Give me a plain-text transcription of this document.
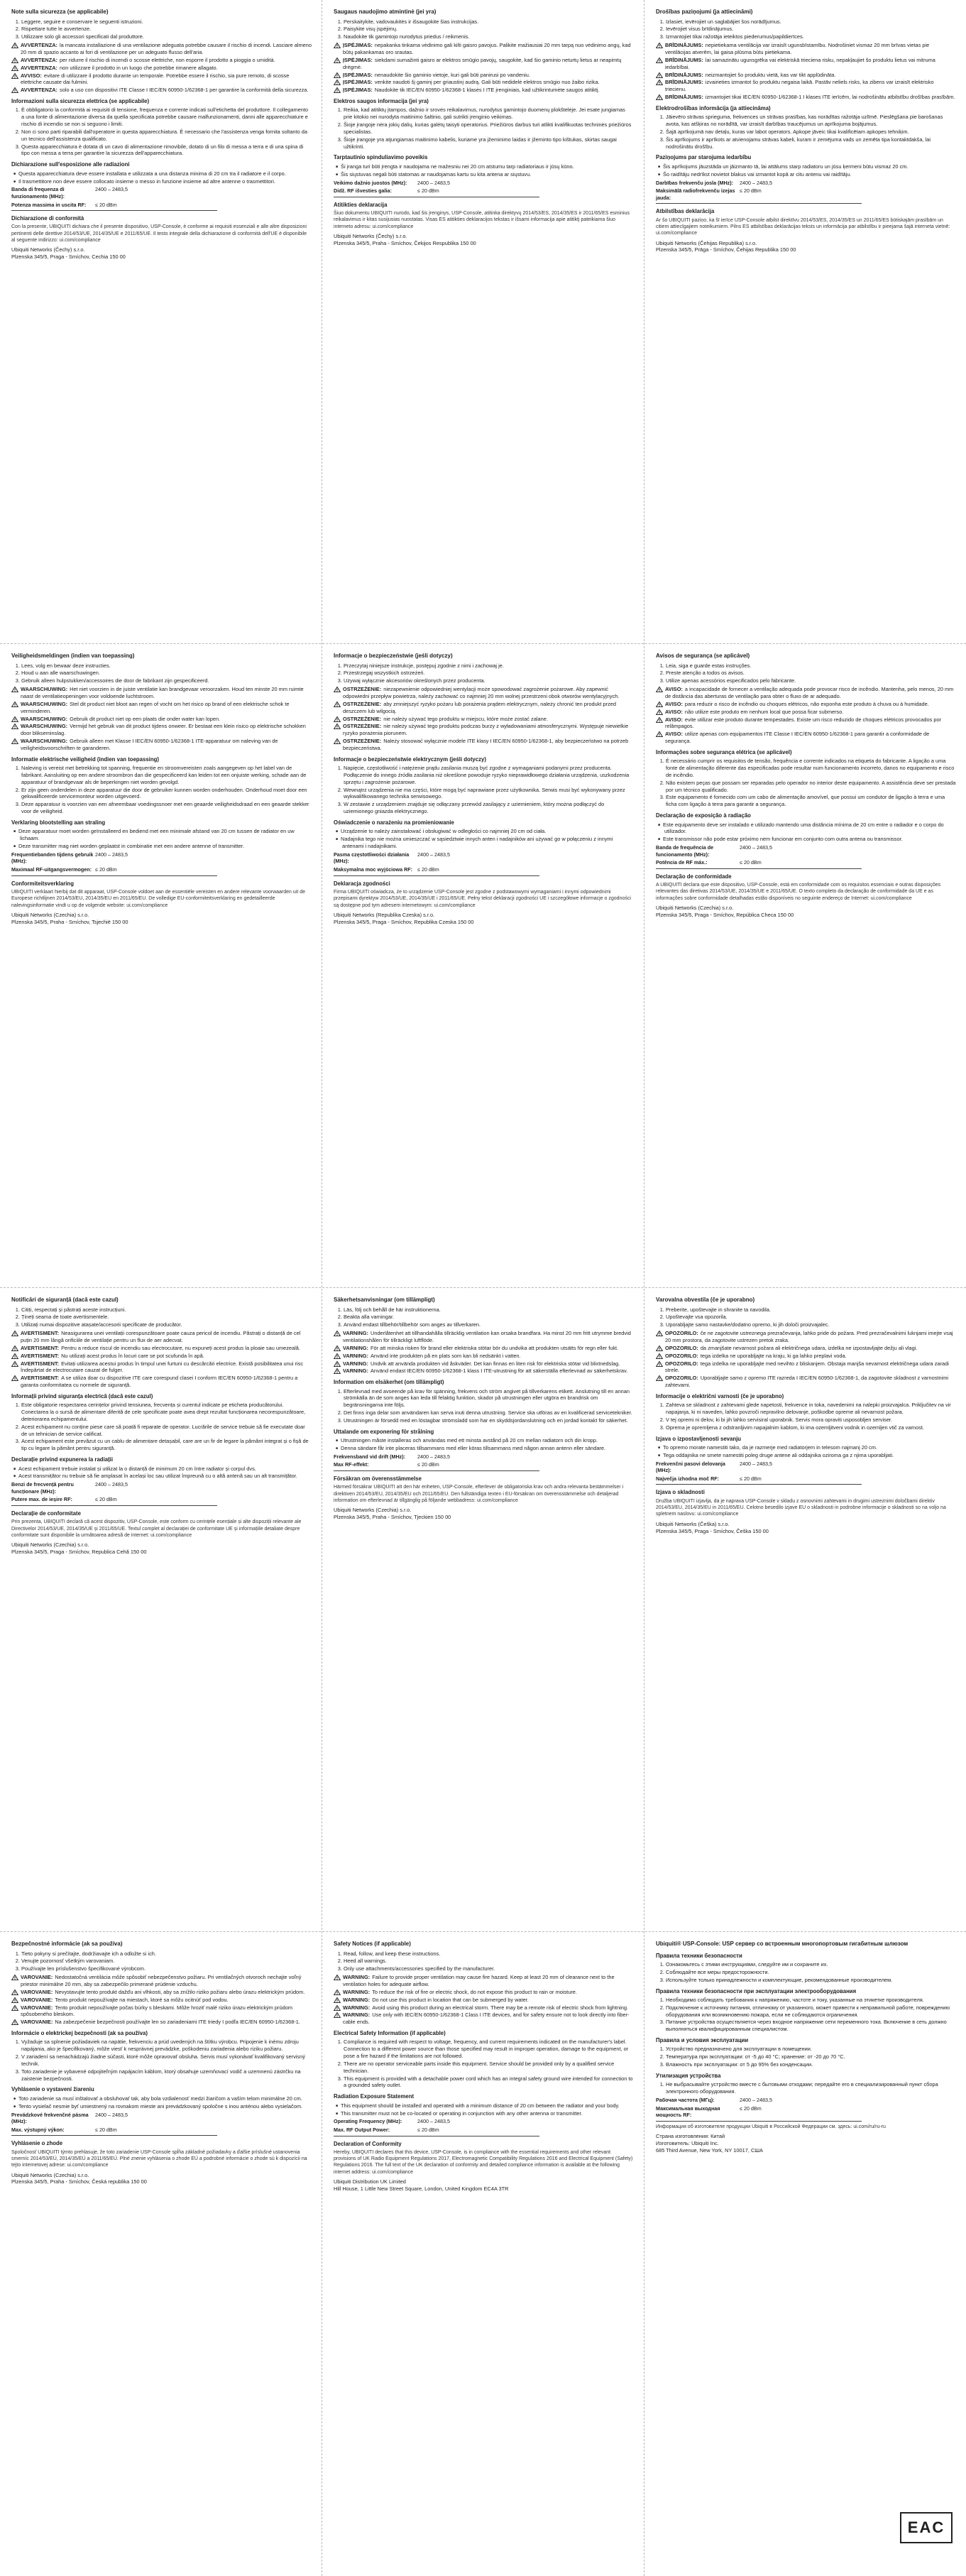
Note sulla sicurezza (se applicabile)
1. Leggere, seguire e conservare le seguenti istruzioni.
2. Rispettare tutte le avvertenze.
3. Utilizzare solo gli accessori specificati dal produttore.
AVVERTENZA: la mancata installazione di una ventilazione adeguata potrebbe causare il rischio di incendi. Lasciare almeno 20 mm di spazio accanto ai fori di ventilazione per un adeguato flusso dell'aria.
AVVERTENZA: per ridurre il rischio di incendi o scosse elettriche, non esporre il prodotto a pioggia o umidità.
AVVERTENZA: non utilizzare il prodotto in un luogo che potrebbe rimanere allagato.
AVVISO: evitare di utilizzare il prodotto durante un temporale. Potrebbe essere il rischio, sia pure remoto, di scosse elettriche causate dai fulmini.
AVVERTENZA: solo a uso con dispositivi ITE Classe I IEC/EN 60950-1/62368-1 per garantire la conformità della sicurezza.
Informazioni sulla sicurezza elettrica (se applicabile)
1. È obbligatorio la conformità ai requisiti di tensione, frequenza e corrente indicati sull'etichetta del produttore. Il collegamento a una fonte di alimentazione diversa da quella specificata potrebbe causare malfunzionamenti, danni alle apparecchiature e rischio di incendio se non si seguono i limiti.
2. Non ci sono parti riparabili dall'operatore in questa apparecchiatura. È necessario che l'assistenza venga fornita soltanto da un tecnico dell'assistenza qualificato.
3. Questa apparecchiatura è dotata di un cavo di alimentazione rimovibile, dotato di un filo di messa a terra e di una spina di tipo con messa a terra per garantire la sicurezza dell'apparecchiatura.
Dichiarazione sull'esposizione alle radiazioni
■ Questa apparecchiatura deve essere installata e utilizzata a una distanza minima di 20 cm tra il radiatore e il corpo.
■ Il trasmettitore non deve essere collocato insieme o messo in funzione insieme ad altre antenne o trasmettitori.
Banda di frequenza di funzionamento (MHz):
2400 – 2483,5
Potenza massima in uscita RF:	≤ 20 dBm
Dichiarazione di conformità
Con la presente, UBIQUITI dichiara che il presente dispositivo, USP-Console, è conforme ai requisiti essenziali e alle altre disposizioni pertinenti delle direttive 2014/53/UE, 2014/35/UE e 2011/65/UE. Il testo integrale della dichiarazione di conformità dell'UE è disponibile al seguente indirizzo: ui.com/compliance
Ubiquiti Networks (Čechy) s.r.o.
Plzenska 345/5, Praga - Smíchov, Cechia 150 00
Saugaus naudojimo atmintinė (jei yra)
1. Perskaitykite, vadovaukitės ir išsaugokite šias instrukcijas.
2. Paisykite visų įspėjimų.
3. Naudokite tik gamintojo nurodytus priedus / reikmenis.
ĮSPĖJIMAS: nepakanka tinkama vėdinimo gali kilti gaisro pavojus. Palikite mažiausiai 20 mm tarpą nuo vėdinimo angų, kad būtų pakankamas oro srautas.
ĮSPĖJIMAS: siekdami sumažinti gaisro ar elektros smūgio pavojų, saugokite, kad šio gaminio neturtų lietus ar neapimtų drėgmė.
ĮSPĖJIMAS: nenaudokite šio gaminio vietoje, kuri gali būti panirusi po vandeniu.
ĮSPĖJIMAS: venkite naudoti šį gaminį per griaustinį audrą. Gali būti nedidelė elektros smūgio nuo žaibo rizika.
ĮSPĖJIMAS: Naudokite tik IEC/EN 60950-1/62368-1 klasės I ITE įrenginiais, kad užtikrintumėte saugos atitiktį.
Elektros saugos informacija (jei yra)
1. Reikia, kad atitiktų įtampos, dažnio ir srovės reikalavimus, nurodytus gamintojo duomenų plokštelėje. Jei esate jungiamas prie kitokio nei nurodyta maitinimo šaltinio, gali sutrikti įrenginio veikimas.
2. Šioje įrangoje nėra jokių dalių, kurias galėtų taisyti operatorius. Priežiūros darbus turi atlikti kvalifikuotas techninės priežiūros specialistas.
3. Šioje įrangoje yra atjungiamas maitinimo kabelis, kuriame yra įžeminimo laidas ir įžeminto tipo kištukas, skirtas saugai užtikrinti.
Tarptautinio spinduliavimo poveikis
■ Ši įranga turi būti įrengta ir naudojama ne mažesniu nei 20 cm atstumu tarp radiatoriaus ir jūsų kūno.
■ Šis siųstuvas negali būti statomas ar naudojamas kartu su kita antena ar siųstuvu.
Veikimo dažnio juostos (MHz):	2400 – 2483,5
Didž. RF išvesties galia:	≤ 20 dBm
Atitikties deklaracija
Šiuo dokumentu UBIQUITI nurodo, kad šis įrenginys, USP-Console, atitinka direktyvų 2014/53/ES, 2014/35/ES ir 2011/65/ES esminius reikalavimus ir kitas susijusias nuostatas. Visas ES atitikties deklaracijos tekstas ir išsami informacija apie atitiktį pateikiama šiuo interneto adresu: ui.com/compliance
Ubiquiti Networks (Čechy) s.r.o.
Plzenska 345/5, Praha - Smíchov, Čekijos Respublika 150 00
Drošības paziņojumi (ja attiecināmi)
1. Izlasiet, ievērojiet un saglabājiet šos norādījumus.
2. Ievērojiet visus brīdinājumus.
3. Izmantojiet tikai ražotāja ieteiktos piederumus/papildierīces.
BRĪDINĀJUMS: nepietiekama ventilācija var izraisīt ugunsbīstamību. Nodrošiniet vismaz 20 mm brīvas vietas pie ventilācijas atverēm, lai gaisa plūsma būtu pietiekama.
BRĪDINĀJUMS: lai samazinātu ugunsgrēka vai elektriskā trieciena risku, nepakļaujiet šo produktu lietus vai mitruma iedarbībai.
BRĪDINĀJUMS: neizmantojiet šo produktu vietā, kas var tikt applūdināta.
BRĪDINĀJUMS: izvairieties izmantot šo produktu negaisa laikā. Pastāv neliels risks, ka zibens var izraisīt elektrisko triecienu.
BRĪDINĀJUMS: izmantojiet tikai IEC/EN 60950-1/62368-1 I klases ITE ierīcēm, lai nodrošinātu atbilstību drošības prasībām.
Elektrodrošības informācija (ja attiecināma)
1. Jāievēro strāvas sprieguma, frekvences un strāvas prasības, kas norādītas ražotāja uzlīmē. Pieslēgšana pie barošanas avota, kas atšķiras no norādītā, var izraisīt darbības traucējumus un aprīkojuma bojājumus.
2. Šajā aprīkojumā nav detaļu, kuras var labot operators. Apkope jāveic tikai kvalificētam apkopes tehniķim.
3. Šis aprīkojums ir aprīkots ar atvienojamu strāvas kabeli, kuram ir zemējuma vads un zemēta tipa kontaktdakša, lai nodrošinātu drošību.
Paziņojums par starojuma iedarbību
■ Šis aprīkojums jāuzstāda un jāizmanto tā, lai attālums starp radiatoru un jūsu ķermeni būtu vismaz 20 cm.
■ Šo raidītāju nedrīkst novietot blakus vai izmantot kopā ar citu antenu vai raidītāju.
Darbības frekvenču josla (MHz):	2400 – 2483,5
Maksimālā radiofrekvenču izejas jauda:
≤ 20 dBm
Atbilstības deklarācija
Ar šo UBIQUITI paziņo, ka šī ierīce USP-Console atbilst direktīvu 2014/53/ES, 2014/35/ES un 2011/65/ES būtiskajām prasībām un citiem attiecīgajiem noteikumiem. Pilns ES atbilstības deklarācijas teksts un informācija par atbilstību ir pieejama šajā interneta vietnē: ui.com/compliance
Ubiquiti Networks (Čehijas Republika) s.r.o.
Plzenska 345/5, Prāga - Smíchov, Čehijas Republika 150 00
Veiligheidsmeldingen (indien van toepassing)
1. Lees, volg en bewaar deze instructies.
2. Houd u aan alle waarschuwingen.
3. Gebruik alleen hulpstukken/accessoires die door de fabrikant zijn gespecificeerd.
WAARSCHUWING: Het niet voorzien in de juiste ventilatie kan brandgevaar veroorzaken. Houd ten minste 20 mm ruimte naast de ventilatieopeningen voor voldoende luchtstroom.
WAARSCHUWING: Stel dit product niet bloot aan regen of vocht om het risico op brand of een elektrische schok te verminderen.
WAARSCHUWING: Gebruik dit product niet op een plaats die onder water kan lopen.
WAARSCHUWING: Vermijd het gebruik van dit product tijdens onweer. Er bestaat een klein risico op elektrische schokken door blikseminslag.
WAARSCHUWING: Gebruik alleen met Klasse I IEC/EN 60950-1/62368-1 ITE-apparatuur om naleving van de veiligheidsvoorschriften te garanderen.
Informatie elektrische veiligheid (indien van toepassing)
1. Naleving is vereist met betrekking tot spanning, frequentie en stroomvereisten zoals aangegeven op het label van de fabrikant. Aansluiting op een andere stroombron dan die gespecificeerd kan leiden tot een onjuiste werking, schade aan de apparatuur of brandgevaar als de beperkingen niet worden gevolgd.
2. Er zijn geen onderdelen in deze apparatuur die door de gebruiker kunnen worden onderhouden. Onderhoud moet door een gekwalificeerde servicemonteur worden uitgevoerd.
3. Deze apparatuur is voorzien van een afneembaar voedingssnoer met een geaarde veiligheidsdraad en een geaarde stekker voor de veiligheid.
Verklaring blootstelling aan straling
■ Deze apparatuur moet worden geïnstalleerd en bediend met een minimale afstand van 20 cm tussen de radiator en uw lichaam.
■ Deze transmitter mag niet worden geplaatst in combinatie met een andere antenne of transmitter.
Frequentiebanden tijdens gebruik (MHz):
2400 – 2483,5
Maximaal RF-uitgangsvermogen: ≤ 20 dBm
Conformiteitsverklaring
UBIQUITI verklaart hierbij dat dit apparaat, USP-Console voldoet aan de essentiële vereisten en andere relevante voorwaarden uit de Europese richtlijnen 2014/53/EU, 2014/35/EU en 2011/65/EU. De volledige EU-conformiteitsverklaring en gedetailleerde nalevingsinformatie vindt u op de volgende website: ui.com/compliance
Ubiquiti Networks (Czechia) s.r.o.
Plzenska 345/5, Praha - Smíchov, Tsjechië 150 00
Informacje o bezpieczeństwie (jeśli dotyczy)
1. Przeczytaj niniejsze instrukcje, postępuj zgodnie z nimi i zachowaj je.
2. Przestrzegaj wszystkich ostrzeżeń.
3. Używaj wyłącznie akcesoriów określonych przez producenta.
OSTRZEŻENIE: niezapewnienie odpowiedniej wentylacji może spowodować zagrożenie pożarowe. Aby zapewnić odpowiedni przepływ powietrza, należy zachować co najmniej 20 mm wolnej przestrzeni obok otworów wentylacyjnych.
OSTRZEŻENIE: aby zmniejszyć ryzyko pożaru lub porażenia prądem elektrycznym, należy chronić ten produkt przed deszczem lub wilgocią.
OSTRZEŻENIE: nie należy używać tego produktu w miejscu, które może zostać zalane.
OSTRZEŻENIE: nie należy używać tego produktu podczas burzy z wyładowaniami atmosferycznymi. Występuje niewielkie ryzyko porażenia piorunem.
OSTRZEŻENIE: Należy stosować wyłącznie modele ITE klasy I IEC/EN 60950-1/62368-1, aby bezpieczeństwo na potrzeb bezpieczeństwa.
Informacje o bezpieczeństwie elektrycznym (jeśli dotyczy)
1. Napięcie, częstotliwość i natężenie prądu zasilania muszą być zgodne z wymaganiami podanymi przez producenta. Podłączenie do innego źródła zasilania niż określone powoduje ryzyko nieprawidłowego działania urządzenia, uszkodzenia sprzętu i zagrożenie pożarowe.
2. Wewnątrz urządzenia nie ma części, które mogą być naprawiane przez użytkownika. Serwis musi być wykonywany przez wykwalifikowanego technika serwisowego.
3. W zestawie z urządzeniem znajduje się odłączany przewód zasilający z uziemieniem, który można podłączyć do uziemionego gniazda elektrycznego.
Oświadczenie o narażeniu na promieniowanie
■ Urządzenie to należy zainstalować i obsługiwać w odległości co najmniej 20 cm od ciała.
■ Nadajnika tego nie można umieszczać w sąsiedztwie innych anten i nadajników ani używać go w połączeniu z innymi antenami i nadajnikami.
Pasma częstotliwości działania (MHz):
2400 – 2483,5
Maksymalna moc wyjściowa RF: ≤ 20 dBm
Deklaracja zgodności
Firma UBIQUITI oświadcza, że to urządzenie USP-Console jest zgodne z podstawowymi wymaganiami i innymi odpowiednimi przepisami dyrektyw 2014/53/UE, 2014/35/UE i 2011/65/UE. Pełny tekst deklaracji zgodności UE i szczegółowe informacje o zgodności są dostępne pod tym adresem internetowym: ui.com/compliance
Ubiquiti Networks (Republika Czeska) s.r.o.
Plzenska 345/5, Praga - Smíchov, Republika Czeska 150 00
Avisos de segurança (se aplicável)
1. Leia, siga e guarde estas instruções.
2. Preste atenção a todos os avisos.
3. Utilize apenas acessórios especificados pelo fabricante.
AVISO: a incapacidade de fornecer a ventilação adequada pode provocar risco de incêndio. Mantenha, pelo menos, 20 mm de distância das aberturas de ventilação para obter o fluxo de ar adequado.
AVISO: para reduzir o risco de incêndio ou choques elétricos, não exponha este produto à chuva ou à humidade.
AVISO: não utilize este produto em nenhum local que possa ficar submerso.
AVISO: evite utilizar este produto durante tempestades. Existe um risco reduzido de choques elétricos provocados por relâmpagos.
AVISO: utilize apenas com equipamentos ITE Classe I IEC/EN 60950-1/62368-1 para garantir a conformidade de segurança.
Informações sobre segurança elétrica (se aplicável)
1. É necessário cumprir os requisitos de tensão, frequência e corrente indicados na etiqueta do fabricante. A ligação a uma fonte de alimentação diferente das especificadas pode resultar num funcionamento incorreto, danos no equipamento e risco de incêndio.
2. Não existem peças que possam ser reparadas pelo operador no interior deste equipamento. A assistência deve ser prestada por um técnico qualificado.
3. Este equipamento é fornecido com um cabo de alimentação amovível, que possui um condutor de ligação à terra e uma ficha com ligação à terra para garantir a segurança.
Declaração de exposição à radiação
■ Este equipamento deve ser instalado e utilizado mantendo uma distância mínima de 20 cm entre o radiador e o corpo do utilizador.
■ Este transmissor não pode estar próximo nem funcionar em conjunto com outra antena ou transmissor.
Banda de frequência de funcionamento (MHz):
2400 – 2483,5
Potência de RF máx.:	≤ 20 dBm
Declaração de conformidade
A UBIQUITI declara que este dispositivo, USP-Console, está em conformidade com os requisitos essenciais e outras disposições relevantes das diretivas 2014/53/UE, 2014/35/UE e 2011/65/UE. O texto completo da declaração de conformidade da UE e as informações sobre conformidade detalhadas estão disponíveis no seguinte endereço de Internet: ui.com/compliance
Ubiquiti Networks (Czechia) s.r.o.
Plzenska 345/5, Praga - Smíchov, República Checa 150 00
Notificări de siguranță (dacă este cazul)
1. Citiți, respectați și păstrați aceste instrucțiuni.
2. Țineți seama de toate avertismentele.
3. Utilizați numai dispozitive atașate/accesorii specificate de producător.
AVERTISMENT: Neasigurarea unei ventilații corespunzătoare poate cauza pericol de incendiu. Păstrați o distanță de cel puțin 20 mm lângă orificiile de ventilație pentru un flux de aer adecvat.
AVERTISMENT: Pentru a reduce riscul de incendiu sau electrocutare, nu expuneți acest produs la ploaie sau umezeală.
AVERTISMENT: Nu utilizați acest produs în locuri care se pot scufunda în apă.
AVERTISMENT: Evitați utilizarea acestui produs în timpul unei furtuni cu descărcări electrice. Există posibilitatea unui risc îndepărtat de electrocutare cauzat de fulger.
AVERTISMENT: A se utiliza doar cu dispozitive ITE care corespund clasei I conform IEC/EN 60950-1/62368-1 pentru a garanta conformitatea cu normele de siguranță.
Informații privind siguranța electrică (dacă este cazul)
1. Este obligatorie respectarea cerințelor privind tensiunea, frecvența și curentul indicate pe eticheta producătorului. Conectarea la o sursă de alimentare diferită de cele specificate poate avea drept rezultat funcționarea necorespunzătoare, deteriorarea echipamentului.
2. Acest echipament nu conține piese care să poată fi reparate de operator. Lucrările de service trebuie să fie executate doar de un tehnician de service calificat.
3. Acest echipament este prevăzut cu un cablu de alimentare detașabil, care are un fir de legare la pământ integrat și o fișă de tip cu legare la pământ pentru siguranță.
Declarație privind expunerea la radiații
■ Acest echipament trebuie instalat și utilizat la o distanță de minimum 20 cm între radiator și corpul dvs.
■ Acest transmițător nu trebuie să fie amplasat în același loc sau utilizat împreună cu o altă antenă sau un alt transmițător.
Benzi de frecvență pentru funcționare (MHz):
2400 – 2483,5
Putere max. de ieșire RF:	≤ 20 dBm
Declarație de conformitate
Prin prezenta, UBIQUITI declară că acest dispozitiv, USP-Console, este conform cu cerințele esențiale și alte dispoziții relevante ale Directivelor 2014/53/UE, 2014/35/UE și 2011/65/UE. Textul complet al declarației de conformitate UE și informațiile detaliate despre conformitate sunt disponibile la următoarea adresă de internet: ui.com/compliance
Ubiquiti Networks (Czechia) s.r.o.
Plzenska 345/5, Praga - Smíchov, Republica Cehă 150 00
Säkerhetsanvisningar (om tillämpligt)
1. Läs, följ och behåll de här instruktionerna.
2. Beakta alla varningar.
3. Använd endast tillbehör/tillbehör som anges av tillverkaren.
VARNING: Underlåtenhet att tillhandahålla tillräcklig ventilation kan orsaka brandfara. Ha minst 20 mm fritt utrymme bredvid ventilationshålen för tillräckligt luftflöde.
VARNING: För att minska risken för brand eller elektriska stötar bör du undvika att produkten utsätts för regn eller fukt.
VARNING: Använd inte produkten på en plats som kan bli nedsänkt i vatten.
VARNING: Undvik att använda produkten vid åskväder. Det kan finnas en liten risk för elektriska stötar vid blixtnedslag.
VARNING: Använd endast IEC/EN 60950-1/62368-1 klass I ITE-utrustning för att säkerställa efterlevnad av säkerhetskrav.
Information om elsäkerhet (om tillämpligt)
1. Efterlevnad med avseende på krav för spänning, frekvens och ström angivet på tillverkarens etikett. Anslutning till en annan strömkälla än de som anges kan leda till felaktig funktion, skador på utrustningen eller utgöra en brandrisk om begränsningarna inte följs.
2. Det finns inga delar som användaren kan serva inuti denna utrustning. Service ska utföras av en kvalificerad servicetekniker.
3. Utrustningen är försedd med en löstagbar strömsladd som har en skyddsjordanslutning och en jordad kontakt för säkerhet.
Uttalande om exponering för strålning
■ Utrustningen måste installeras och användas med ett minsta avstånd på 20 cm mellan radiatorn och din kropp.
■ Denna sändare får inte placeras tillsammans med eller köras tillsammans med någon annan antenn eller sändare.
Frekvensband vid drift (MHz):	2400 – 2483,5
Max RF-effekt:	≤ 20 dBm
Försäkran om överensstämmelse
Härmed försäkrar UBIQUITI att den här enheten, USP-Console, efterlever de obligatoriska krav och andra relevanta bestämmelser i direktiven 2014/53/EU, 2014/35/EU och 2011/65/EU. Den fullständiga texten i EU-försäkran om överensstämmelse och detaljerad information om efterlevnad är tillgänglig på följande webbadress: ui.com/compliance
Ubiquiti Networks (Czechia) s.r.o.
Plzenska 345/5, Praha - Smíchov, Tjeckien 150 00
Varovalna obvestila (če je uporabno)
1. Preberite, upoštevajte in shranite ta navodila.
2. Upoštevajte vsa opozorila.
3. Uporabljajte samo nastavke/dodatno opremo, ki jih določi proizvajalec.
OPOZORILO: če ne zagotovite ustreznega prezračevanja, lahko pride do požara. Pred prezračevalnimi luknjami imejte vsaj 20 mm prostora, da zagotovite ustrezen pretok zraka.
OPOZORILO: da zmanjšate nevarnost požara ali električnega udara, izdelka ne izpostavljajte dežju ali vlagi.
OPOZORILO: tega izdelka ne uporabljajte na kraju, ki ga lahko preplavi voda.
OPOZORILO: tega izdelka ne uporabljajte med nevihto z bliskanjem. Obstaja manjša nevarnost električnega udara zaradi strele.
OPOZORILO: Uporabljajte samo z opremo ITE razreda I IEC/EN 60950-1/62368-1, da zagotovite skladnost z varnostnimi zahtevami.
Informacije o električni varnosti (če je uporabno)
1. Zahteva se skladnost z zahtevami glede napetosti, frekvence in toka, navedenimi na nalepki proizvajalca. Priključitev na vir napajanja, ki ni naveden, lahko povzroči nepravilno delovanje, poškodbe opreme ali nevarnost požara.
2. V tej opremi ni delov, ki bi jih lahko servisiral uporabnik. Servis mora opraviti usposobljen serviser.
3. Oprema je opremljena z odstranljivim napajalnim kablom, ki ima ozemljitveni vodnik in ozemljen vtič za varnost.
Izjava o izpostavljenosti sevanju
■ To opremo morate namestiti tako, da je razmerje med radiatorjem in telesom najmanj 20 cm.
■ Tega oddajnika ne smete namestiti poleg druge antene ali oddajnika oziroma ga z njima uporabljati.
Frekvenčni pasovi delovanja (MHz):
2400 – 2483,5
Največja izhodna moč RF:	≤ 20 dBm
Izjava o skladnosti
Družba UBIQUITI izjavlja, da je naprava USP-Console v skladu z osnovnimi zahtevami in drugimi ustreznimi določbami direktiv 2014/53/EU, 2014/35/EU in 2011/65/EU. Celotno besedilo izjave EU o skladnosti in podrobne informacije o skladnosti so na voljo na spletnem naslovu: ui.com/compliance
Ubiquiti Networks (Češka) s.r.o.
Plzenska 345/5, Praga - Smíchov, Češka 150 00
Bezpečnostné informácie (ak sa používa)
1. Tieto pokyny si prečítajte, dodržiavajte ich a odložte si ich.
2. Venujte pozornosť všetkým varovaniam.
3. Používajte len príslušenstvo špecifikované výrobcom.
VAROVANIE: Nedostatočná ventilácia môže spôsobiť nebezpečenstvo požiaru. Pri ventilačných otvoroch nechajte voľný priestor minimálne 20 mm, aby sa zabezpečilo primerané prúdenie vzduchu.
VAROVANIE: Nevystavujte tento produkt dažďu ani vlhkosti, aby sa znížilo riziko požiaru alebo úrazu elektrickým prúdom.
VAROVANIE: Tento produkt nepoužívajte na miestach, ktoré sa môžu ocitnúť pod vodou.
VAROVANIE: Tento produkt nepoužívajte počas búrky s bleskami. Môže hroziť malé riziko úrazu elektrickým prúdom spôsobeného bleskom.
VAROVANIE: Na zabezpečenie bezpečnosti používajte len so zariadeniami ITE triedy I podľa IEC/EN 60950-1/62368-1.
Informácie o elektrickej bezpečnosti (ak sa používa)
1. Vyžaduje sa splnenie požiadaviek na napätie, frekvenciu a prúd uvedených na štítku výrobcu. Pripojenie k inému zdroju napájania, ako je špecifikovaný, môže viesť k nesprávnej prevádzke, poškodeniu zariadenia alebo riziku požiaru.
2. V zariadení sa nenachádzajú žiadne súčasti, ktoré môže opravovať obsluha. Servis musí vykonávať kvalifikovaný servisný technik.
3. Toto zariadenie je vybavené odpojiteľným napájacím káblom, ktorý obsahuje uzemňovací vodič a uzemnenú zástrčku na zaistenie bezpečnosti.
Vyhlásenie o vystavení žiareniu
■ Toto zariadenie sa musí inštalovať a obsluhovať tak, aby bola vzdialenosť medzi žiaričom a vaším telom minimálne 20 cm.
■ Tento vysielač nesmie byť umiestnený na rovnakom mieste ani prevádzkovaný spoločne s inou anténou alebo vysielačom.
Prevádzkové frekvenčné pásma (MHz):
2400 – 2483,5
Max. výstupný výkon:	≤ 20 dBm
Vyhlásenie o zhode
Spoločnosť UBIQUITI týmto prehlasuje, že toto zariadenie USP-Console spĺňa základné požiadavky a ďalšie príslušné ustanovenia smerníc 2014/53/EÚ, 2014/35/EÚ a 2011/65/EÚ. Plné znenie vyhlásenia o zhode EÚ a podrobné informácie o zhode sú k dispozícii na tejto internetovej adrese: ui.com/compliance
Ubiquiti Networks (Czechia) s.r.o.
Plzenska 345/5, Praha - Smíchov, Česká republika 150 00
Safety Notices (if applicable)
1. Read, follow, and keep these instructions.
2. Heed all warnings.
3. Only use attachments/accessories specified by the manufacturer.
WARNING: Failure to provide proper ventilation may cause fire hazard. Keep at least 20 mm of clearance next to the ventilation holes for adequate airflow.
WARNING: To reduce the risk of fire or electric shock, do not expose this product to rain or moisture.
WARNING: Do not use this product in location that can be submerged by water.
WARNING: Avoid using this product during an electrical storm. There may be a remote risk of electric shock from lightning.
WARNING: Use only with IEC/EN 60950-1/62368-1 Class I ITE devices, and for safety ensure not to look directly into fiber-cable ends.
Electrical Safety Information (if applicable)
1. Compliance is required with respect to voltage, frequency, and current requirements indicated on the manufacturer's label. Connection to a different power source than those specified may result in improper operation, damage to the equipment, or pose a fire hazard if the limitations are not followed.
2. There are no operator serviceable parts inside this equipment. Service should be provided only by a qualified service technician.
3. This equipment is provided with a detachable power cord which has an integral safety ground wire intended for connection to a grounded safety outlet.
Radiation Exposure Statement
■ This equipment should be installed and operated with a minimum distance of 20 cm between the radiator and your body.
■ This transmitter must not be co-located or operating in conjunction with any other antenna or transmitter.
Operating Frequency (MHz):	2400 – 2483,5
Max. RF Output Power:	≤ 20 dBm
Declaration of Conformity
Hereby, UBIQUITI declares that this device, USP-Console, is in compliance with the essential requirements and other relevant provisions of UK Radio Equipment Regulations 2017, Electromagnetic Compatibility Regulations 2016 and Electrical Equipment (Safety) Regulations 2016. The full text of the UK declaration of conformity and detailed compliance information is available at the following internet address: ui.com/compliance
Ubiquiti Distribution UK Limited
Hill House, 1 Little New Street Square, London, United Kingdom EC4A 3TR
Ubiquiti® USP-Console: USP сервер со встроенным многопортовым гигабитным шлюзом
Правила техники безопасности
1. Ознакомьтесь с этими инструкциями, следуйте им и сохраните их.
2. Соблюдайте все меры предосторожности.
3. Используйте только принадлежности и комплектующие, рекомендованные производителем.
Правила техники безопасности при эксплуатации электрооборудования
1. Необходимо соблюдать требования к напряжению, частоте и току, указанные на этикетке производителя.
2. Подключение к источнику питания, отличному от указанного, может привести к неправильной работе, повреждению оборудования или возникновению пожара, если не соблюдаются ограничения.
3. Питание устройства осуществляется через входное напряжение сети переменного тока. Включение в сеть должно выполняться квалифицированным специалистом.
Правила и условия эксплуатации
1. Устройство предназначено для эксплуатации в помещении.
2. Температура при эксплуатации: от -5 до 40 °C; хранение: от -20 до 70 °C.
3. Влажность при эксплуатации: от 5 до 95% без конденсации.
Утилизация устройства
1. Не выбрасывайте устройство вместе с бытовыми отходами; передайте его в специализированный пункт сбора электронного оборудования.
Рабочая частота (МГц):	2400 – 2483,5
Максимальная выходная мощность RF:
≤ 20 dBm
Информация об изготовителе продукции Ubiquiti в Российской Федерации см. здесь: ui.com/ru/ru-ru
Страна изготовления: Китай
Изготовитель: Ubiquiti Inc.
685 Third Avenue, New York, NY 10017, США
EAC
